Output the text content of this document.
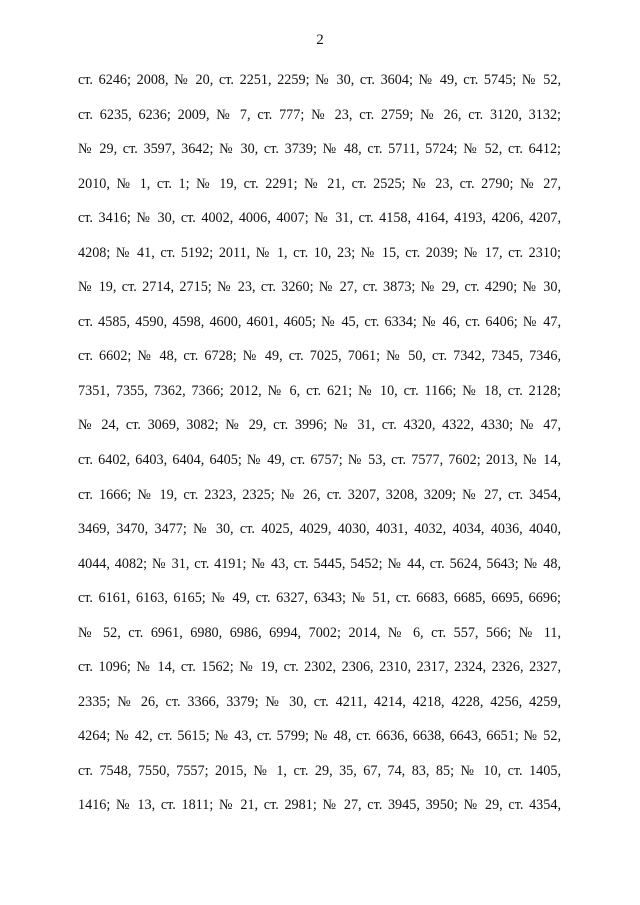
2
ст. 6246; 2008, № 20, ст. 2251, 2259; № 30, ст. 3604; № 49, ст. 5745; № 52,
ст. 6235, 6236; 2009, № 7, ст. 777; № 23, ст. 2759; № 26, ст. 3120, 3132;
№ 29, ст. 3597, 3642; № 30, ст. 3739; № 48, ст. 5711, 5724; № 52, ст. 6412;
2010, № 1, ст. 1; № 19, ст. 2291; № 21, ст. 2525; № 23, ст. 2790; № 27,
ст. 3416; № 30, ст. 4002, 4006, 4007; № 31, ст. 4158, 4164, 4193, 4206, 4207,
4208; № 41, ст. 5192; 2011, № 1, ст. 10, 23; № 15, ст. 2039; № 17, ст. 2310;
№ 19, ст. 2714, 2715; № 23, ст. 3260; № 27, ст. 3873; № 29, ст. 4290; № 30,
ст. 4585, 4590, 4598, 4600, 4601, 4605; № 45, ст. 6334; № 46, ст. 6406; № 47,
ст. 6602; № 48, ст. 6728; № 49, ст. 7025, 7061; № 50, ст. 7342, 7345, 7346,
7351, 7355, 7362, 7366; 2012, № 6, ст. 621; № 10, ст. 1166; № 18, ст. 2128;
№ 24, ст. 3069, 3082; № 29, ст. 3996; № 31, ст. 4320, 4322, 4330; № 47,
ст. 6402, 6403, 6404, 6405; № 49, ст. 6757; № 53, ст. 7577, 7602; 2013, № 14,
ст. 1666; № 19, ст. 2323, 2325; № 26, ст. 3207, 3208, 3209; № 27, ст. 3454,
3469, 3470, 3477; № 30, ст. 4025, 4029, 4030, 4031, 4032, 4034, 4036, 4040,
4044, 4082; № 31, ст. 4191; № 43, ст. 5445, 5452; № 44, ст. 5624, 5643; № 48,
ст. 6161, 6163, 6165; № 49, ст. 6327, 6343; № 51, ст. 6683, 6685, 6695, 6696;
№ 52, ст. 6961, 6980, 6986, 6994, 7002; 2014, № 6, ст. 557, 566; № 11,
ст. 1096; № 14, ст. 1562; № 19, ст. 2302, 2306, 2310, 2317, 2324, 2326, 2327,
2335; № 26, ст. 3366, 3379; № 30, ст. 4211, 4214, 4218, 4228, 4256, 4259,
4264; № 42, ст. 5615; № 43, ст. 5799; № 48, ст. 6636, 6638, 6643, 6651; № 52,
ст. 7548, 7550, 7557; 2015, № 1, ст. 29, 35, 67, 74, 83, 85; № 10, ст. 1405,
1416; № 13, ст. 1811; № 21, ст. 2981; № 27, ст. 3945, 3950; № 29, ст. 4354,
